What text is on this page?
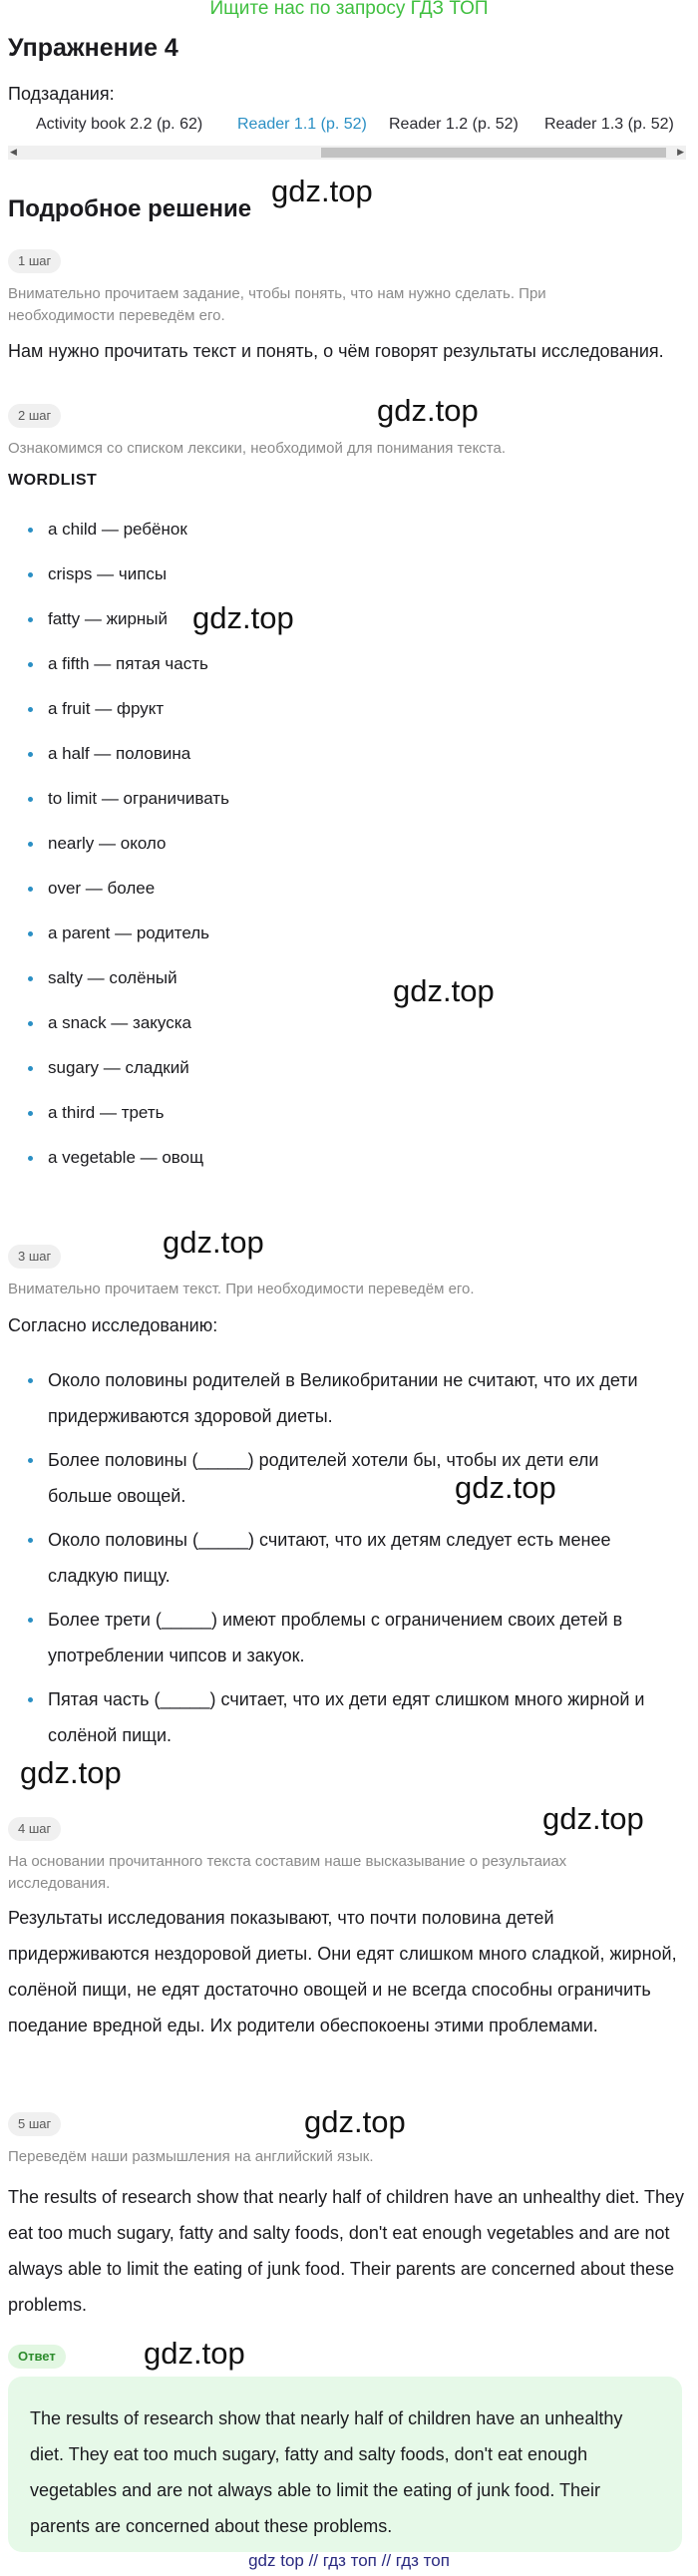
Ищите нас по запросу ГДЗ ТОП
Упражнение 4
Подзадания:
Activity book 2.2 (p. 62)	Reader 1.1 (p. 52)	Reader 1.2 (p. 52) Reader 1.3 (p. 52)
◀	▶
Подробное решение
gdz.top
1 шаг
Внимательно прочитаем задание, чтобы понять, что нам нужно сделать. При необходимости переведём его.
Нам нужно прочитать текст и понять, о чём говорят результаты исследования.
2 шаг	gdz.top
Ознакомимся со списком лексики, необходимой для понимания текста.
WORDLIST
a child — ребёнок
crisps — чипсы
fatty — жирный
a fifth — пятая часть
a fruit — фрукт
a half — половина
to limit — ограничивать
nearly — около
over — более
a parent — родитель
salty — солёный
a snack — закуска
sugary — сладкий
a third — треть
a vegetable — овощ
gdz.top
gdz.top
gdz.top
3 шаг
Внимательно прочитаем текст. При необходимости переведём его.
Согласно исследованию:
Около половины родителей в Великобритании не считают, что их дети придерживаются здоровой диеты.
Более половины (_____) родителей хотели бы, чтобы их дети ели больше овощей.
Около половины (_____) считают, что их детям следует есть менее сладкую пищу.
Более трети (_____) имеют проблемы с ограничением своих детей в употреблении чипсов и закуок.
Пятая часть (_____) считает, что их дети едят слишком много жирной и солёной пищи.
gdz.top
gdz.top
gdz.top
4 шаг
На основании прочитанного текста составим наше высказывание о результаиах исследования.
Результаты исследования показывают, что почти половина детей придерживаются нездоровой диеты. Они едят слишком много сладкой, жирной, солёной пищи, не едят достаточно овощей и не всегда способны ограничить поедание вредной еды. Их родители обеспокоены этими проблемами.
gdz.top
5 шаг
Переведём наши размышления на английский язык.
The results of research show that nearly half of children have an unhealthy diet. They eat too much sugary, fatty and salty foods, don't eat enough vegetables and are not always able to limit the eating of junk food. Their parents are concerned about these problems.
Ответ	gdz.top
The results of research show that nearly half of children have an unhealthy diet. They eat too much sugary, fatty and salty foods, don't eat enough vegetables and are not always able to limit the eating of junk food. Their parents are concerned about these problems.
gdz top // гдз топ // гдз топ
